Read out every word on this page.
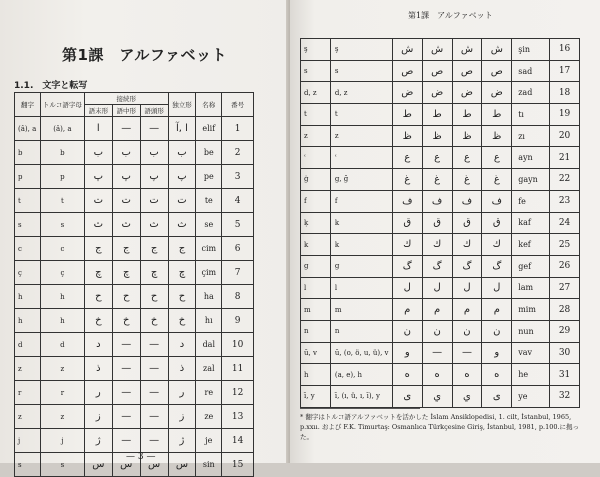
第1課　アルファベット
1.1.　文字と転写
翻字	トルコ語字母	接続形			独立形	名称	番号
		語末形	語中形	語頭形			
(â), a	(â), a	ا	—	—	ا ,آ	elif	1
b	b	ب	ب	ب	ب	be	2
p	p	پ	پ	پ	پ	pe	3
t	t	ت	ت	ت	ت	te	4
s	s	ث	ث	ث	ث	se	5
c	c	ج	ج	ج	ج	cim	6
ç	ç	چ	چ	چ	چ	çim	7
h	h	ح	ح	ح	ح	ha	8
h	h	خ	خ	خ	خ	hı	9
d	d	د	—	—	د	dal	10
z	z	ذ	—	—	ذ	zal	11
r	r	ر	—	—	ر	re	12
z	z	ز	—	—	ز	ze	13
j	j	ژ	—	—	ژ	je	14
s	s	س	س	س	س	sin	15
— 3 —
第1課　アルファベット
ş	ş	ش	ش	ش	ش	şin	16
s	s	ص	ص	ص	ص	sad	17
d, z	d, z	ض	ض	ض	ض	zad	18
t	t	ط	ط	ط	ط	tı	19
z	z	ظ	ظ	ظ	ظ	zı	20
ʿ	ʿ	ع	ع	ع	ع	ayn	21
ġ	g, ğ	غ	غ	غ	غ	gayn	22
f	f	ف	ف	ف	ف	fe	23
ḳ	k	ق	ق	ق	ق	kaf	24
k	k	ك	ك	ك	ك	kef	25
g	g	گ	گ	گ	گ	gef	26
l	l	ل	ل	ل	ل	lam	27
m	m	م	م	م	م	mim	28
n	n	ن	ن	ن	ن	nun	29
ū, v	ū, (o, ö, u, ü), v	و	—	—	و	vav	30
h	(a, e), h	ه	ه	ه	ه	he	31
ī, y	ī, (ı, ü, ı, ī), y	ى	ي	ي	ى	ye	32
* 翻字はトルコ語アルファベットを活かした İslam Ansiklopedisi, 1. cilt, İstanbul, 1965, p.xxıı. および F.K. Timurtaş: Osmanlıca Türkçesine Giriş, İstanbul, 1981, p.100.に拠った。
